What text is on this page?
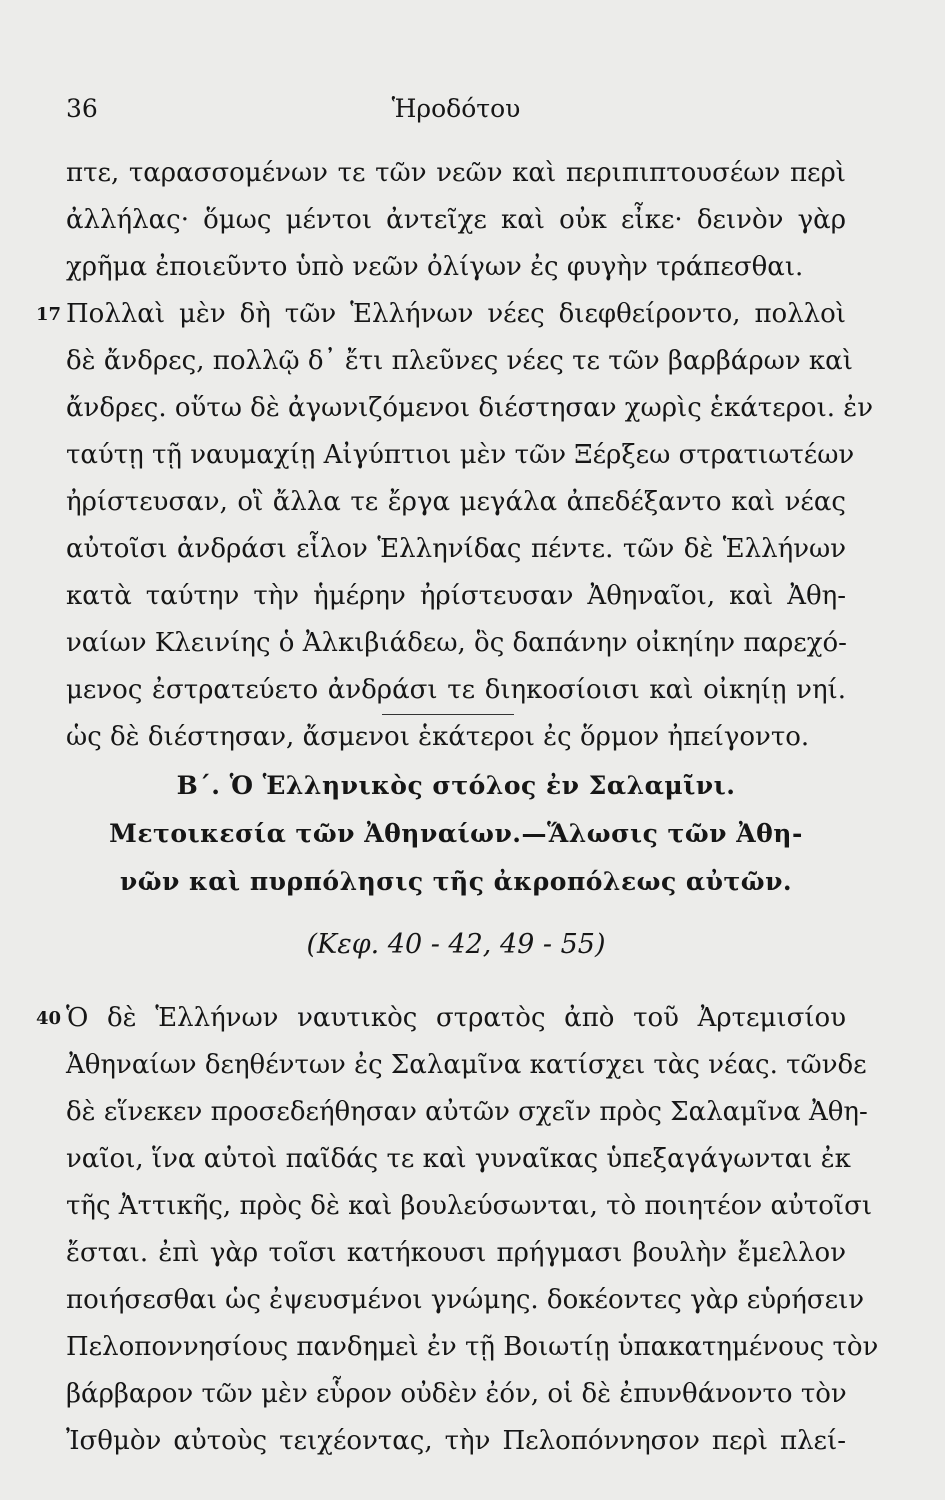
36	Ἡροδότου
πτε, ταρασσομένων τε τῶν νεῶν καὶ περιπιπτουσέων περὶ
ἀλλήλας· ὅμως μέντοι ἀντεῖχε καὶ οὐκ εἶκε· δεινὸν γὰρ
χρῆμα ἐποιεῦντο ὑπὸ νεῶν ὀλίγων ἐς φυγὴν τράπεσθαι.
17 Πολλαὶ μὲν δὴ τῶν Ἑλλήνων νέες διεφθείροντο, πολλοὶ
δὲ ἄνδρες, πολλῷ δ᾽ ἔτι πλεῦνες νέες τε τῶν βαρβάρων καὶ
ἄνδρες. οὕτω δὲ ἀγωνιζόμενοι διέστησαν χωρὶς ἑκάτεροι. ἐν
ταύτῃ τῇ ναυμαχίῃ Αἰγύπτιοι μὲν τῶν Ξέρξεω στρατιωτέων
ἠρίστευσαν, οἳ ἄλλα τε ἔργα μεγάλα ἀπεδέξαντο καὶ νέας
αὐτοῖσι ἀνδράσι εἷλον Ἑλληνίδας πέντε. τῶν δὲ Ἑλλήνων
κατὰ ταύτην τὴν ἡμέρην ἠρίστευσαν Ἀθηναῖοι, καὶ Ἀθη-
ναίων Κλεινίης ὁ Ἀλκιβιάδεω, ὃς δαπάνην οἰκηίην παρεχό-
μενος ἐστρατεύετο ἀνδράσι τε διηκοσίοισι καὶ οἰκηίῃ νηί.
ὡς δὲ διέστησαν, ἄσμενοι ἑκάτεροι ἐς ὅρμον ἠπείγοντο.
Β΄. Ὁ Ἑλληνικὸς στόλος ἐν Σαλαμῖνι.
Μετοικεσία τῶν Ἀθηναίων.—Ἅλωσις τῶν Ἀθη-
νῶν καὶ πυρπόλησις τῆς ἀκροπόλεως αὐτῶν.
(Κεφ. 40 - 42, 49 - 55)
40 Ὁ δὲ Ἑλλήνων ναυτικὸς στρατὸς ἀπὸ τοῦ Ἀρτεμισίου
Ἀθηναίων δεηθέντων ἐς Σαλαμῖνα κατίσχει τὰς νέας. τῶνδε
δὲ εἵνεκεν προσεδεήθησαν αὐτῶν σχεῖν πρὸς Σαλαμῖνα Ἀθη-
ναῖοι, ἵνα αὐτοὶ παῖδάς τε καὶ γυναῖκας ὑπεξαγάγωνται ἐκ
τῆς Ἀττικῆς, πρὸς δὲ καὶ βουλεύσωνται, τὸ ποιητέον αὐτοῖσι
ἔσται. ἐπὶ γὰρ τοῖσι κατήκουσι πρήγμασι βουλὴν ἔμελλον
ποιήσεσθαι ὡς ἐψευσμένοι γνώμης. δοκέοντες γὰρ εὑρήσειν
Πελοποννησίους πανδημεὶ ἐν τῇ Βοιωτίῃ ὑπακατημένους τὸν
βάρβαρον τῶν μὲν εὗρον οὐδὲν ἐόν, οἱ δὲ ἐπυνθάνοντο τὸν
Ἰσθμὸν αὐτοὺς τειχέοντας, τὴν Πελοπόννησον περὶ πλεί-
